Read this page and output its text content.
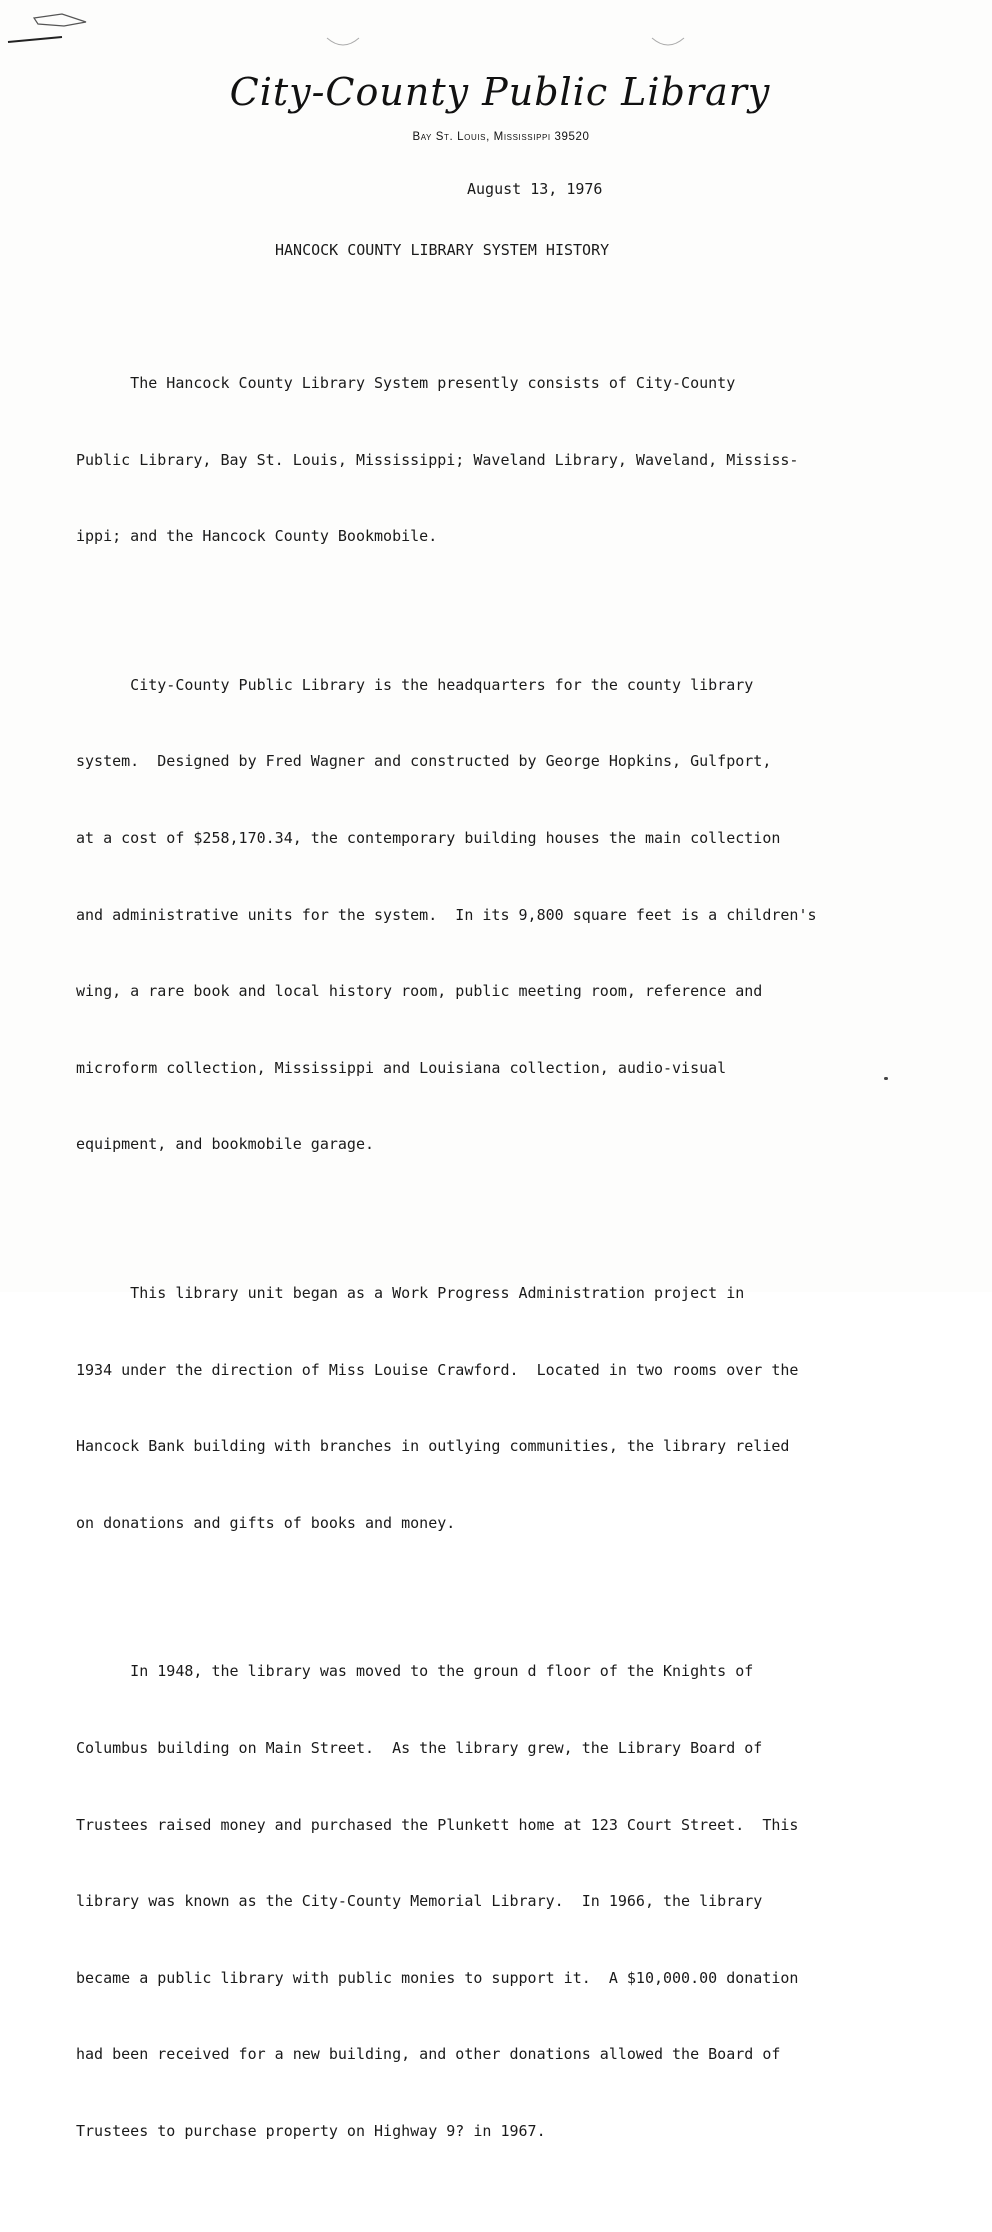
City-County Public Library
Bay St. Louis, Mississippi 39520
August 13, 1976
HANCOCK COUNTY LIBRARY SYSTEM HISTORY

The Hancock County Library System presently consists of City-County

Public Library, Bay St. Louis, Mississippi; Waveland Library, Waveland, Mississ-

ippi; and the Hancock County Bookmobile.

City-County Public Library is the headquarters for the county library

system.  Designed by Fred Wagner and constructed by George Hopkins, Gulfport,

at a cost of $258,170.34, the contemporary building houses the main collection

and administrative units for the system.  In its 9,800 square feet is a children's

wing, a rare book and local history room, public meeting room, reference and

microform collection, Mississippi and Louisiana collection, audio-visual

equipment, and bookmobile garage.

This library unit began as a Work Progress Administration project in

1934 under the direction of Miss Louise Crawford.  Located in two rooms over the

Hancock Bank building with branches in outlying communities, the library relied

on donations and gifts of books and money.

In 1948, the library was moved to the groun d floor of the Knights of

Columbus building on Main Street.  As the library grew, the Library Board of

Trustees raised money and purchased the Plunkett home at 123 Court Street.  This

library was known as the City-County Memorial Library.  In 1966, the library

became a public library with public monies to support it.  A $10,000.00 donation

had been received for a new building, and other donations allowed the Board of

Trustees to purchase property on Highway 9? in 1967.
